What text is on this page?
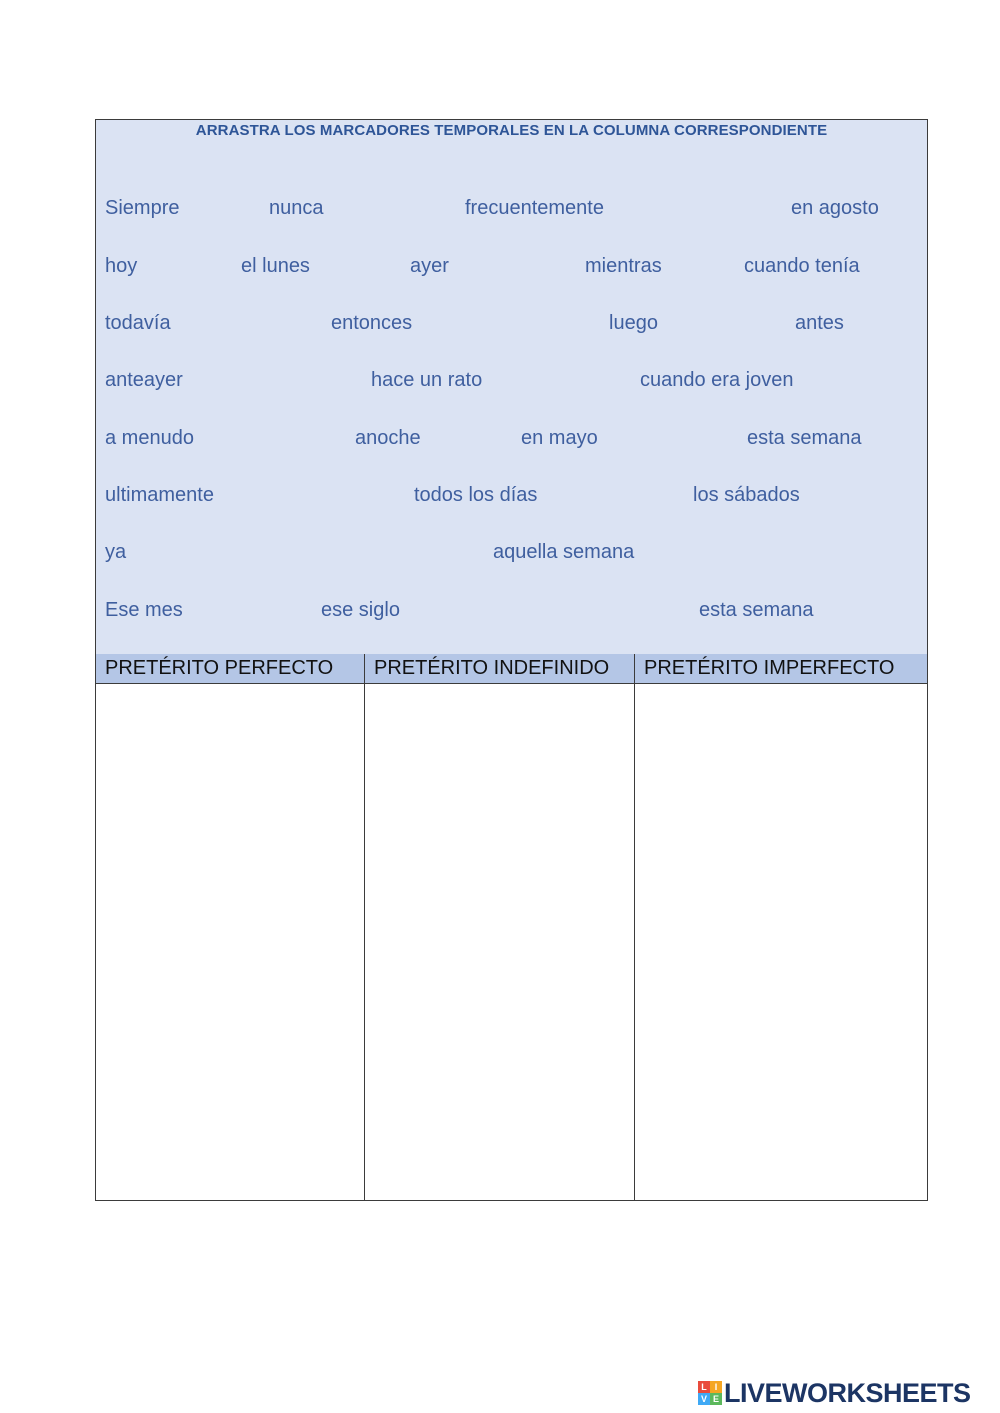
ARRASTRA LOS MARCADORES TEMPORALES EN LA COLUMNA CORRESPONDIENTE
Siempre	nunca	frecuentemente	en agosto
hoy	el lunes	ayer	mientras	cuando tenía
todavía	entonces	luego	antes
anteayer	hace un rato	cuando era joven
a menudo	anoche	en mayo	esta semana
ultimamente	todos los días	los sábados
ya	aquella semana
Ese mes	ese siglo	esta semana
PRETÉRITO PERFECTO	PRETÉRITO INDEFINIDO	PRETÉRITO IMPERFECTO
L I
V E LIVEWORKSHEETS
